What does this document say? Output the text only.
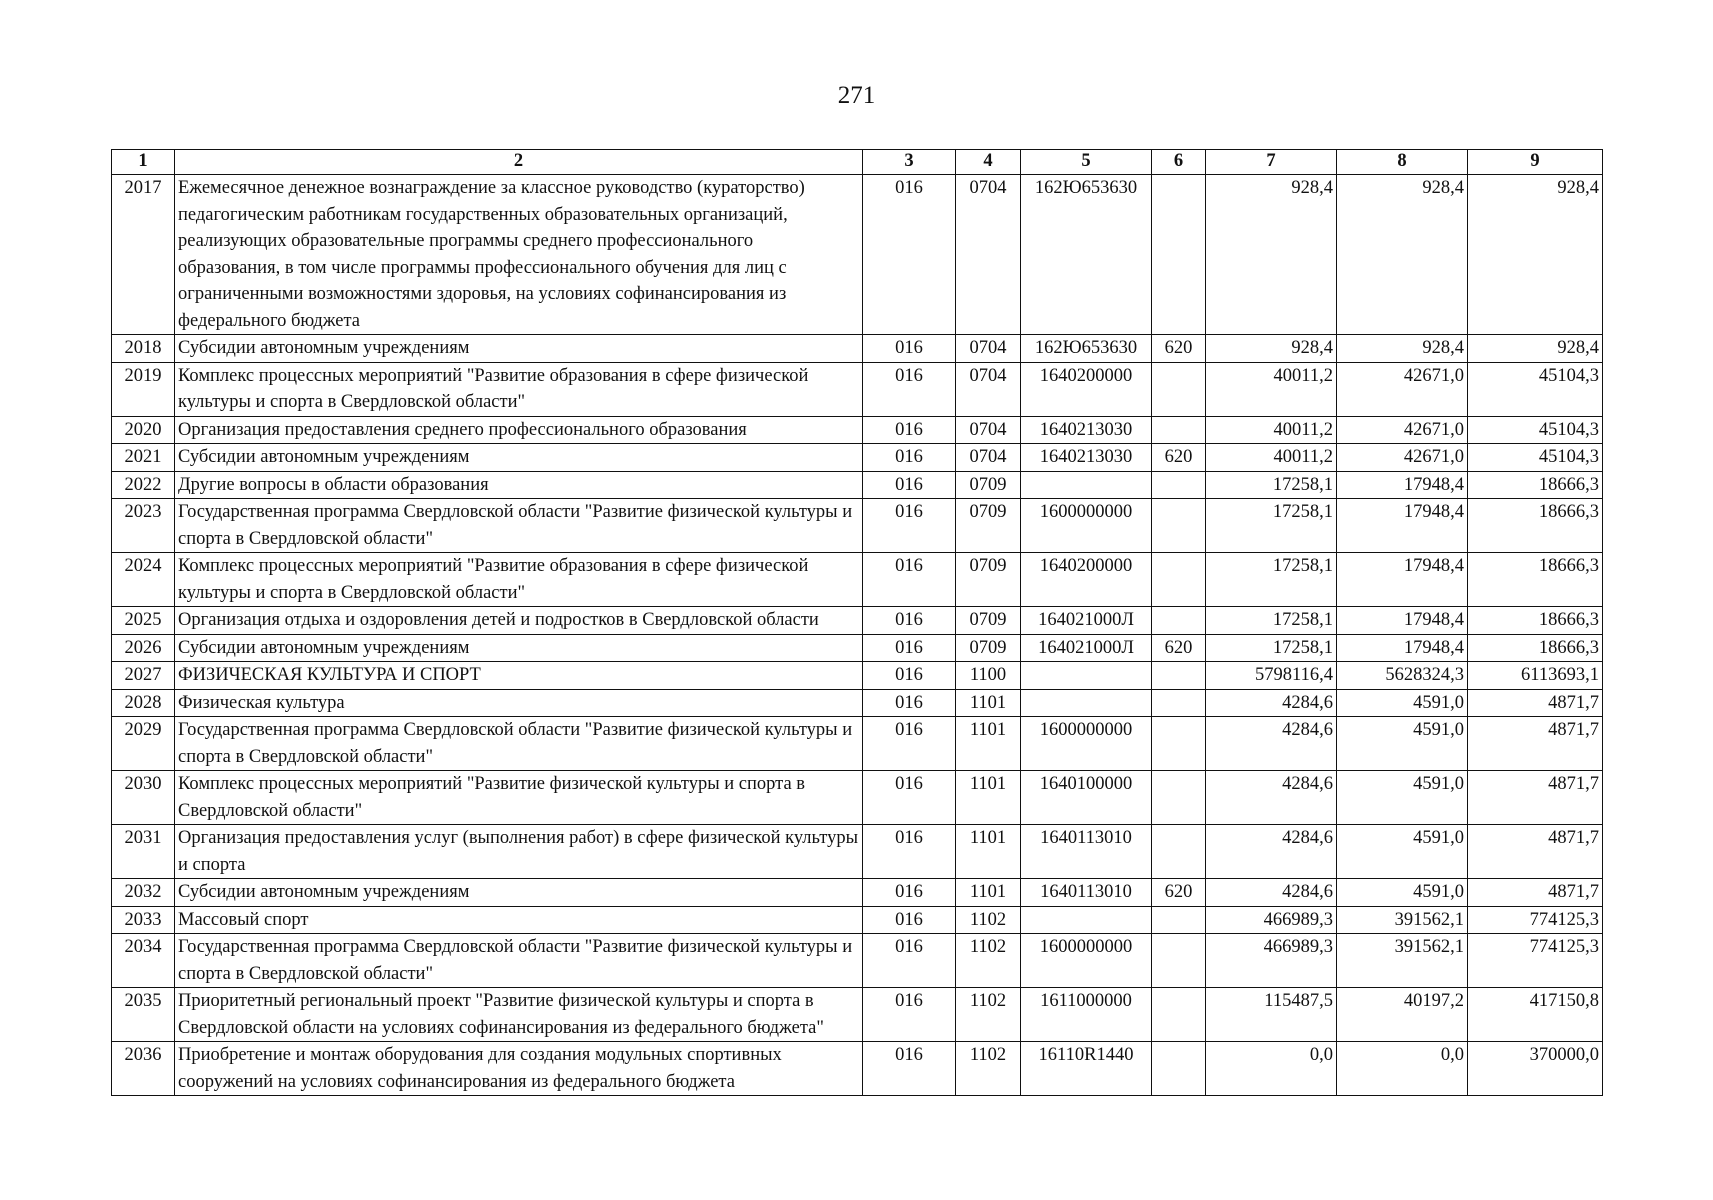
271
1	2	3	4	5	6	7	8	9
2017	Ежемесячное денежное вознаграждение за классное руководство (кураторство) педагогическим работникам государственных образовательных организаций, реализующих образовательные программы среднего профессионального образования, в том числе программы профессионального обучения для лиц с ограниченными возможностями здоровья, на условиях софинансирования из федерального бюджета	016	0704	162Ю653630		928,4	928,4	928,4
2018	Субсидии автономным учреждениям	016	0704	162Ю653630	620	928,4	928,4	928,4
2019	Комплекс процессных мероприятий "Развитие образования в сфере физической культуры и спорта в Свердловской области"	016	0704	1640200000		40011,2	42671,0	45104,3
2020	Организация предоставления среднего профессионального образования	016	0704	1640213030		40011,2	42671,0	45104,3
2021	Субсидии автономным учреждениям	016	0704	1640213030	620	40011,2	42671,0	45104,3
2022	Другие вопросы в области образования	016	0709			17258,1	17948,4	18666,3
2023	Государственная программа Свердловской области "Развитие физической культуры и спорта в Свердловской области"	016	0709	1600000000		17258,1	17948,4	18666,3
2024	Комплекс процессных мероприятий "Развитие образования в сфере физической культуры и спорта в Свердловской области"	016	0709	1640200000		17258,1	17948,4	18666,3
2025	Организация отдыха и оздоровления детей и подростков в Свердловской области	016	0709	164021000Л		17258,1	17948,4	18666,3
2026	Субсидии автономным учреждениям	016	0709	164021000Л	620	17258,1	17948,4	18666,3
2027	ФИЗИЧЕСКАЯ КУЛЬТУРА И СПОРТ	016	1100			5798116,4	5628324,3	6113693,1
2028	Физическая культура	016	1101			4284,6	4591,0	4871,7
2029	Государственная программа Свердловской области "Развитие физической культуры и спорта в Свердловской области"	016	1101	1600000000		4284,6	4591,0	4871,7
2030	Комплекс процессных мероприятий "Развитие физической культуры и спорта в Свердловской области"	016	1101	1640100000		4284,6	4591,0	4871,7
2031	Организация предоставления услуг (выполнения работ) в сфере физической культуры и спорта	016	1101	1640113010		4284,6	4591,0	4871,7
2032	Субсидии автономным учреждениям	016	1101	1640113010	620	4284,6	4591,0	4871,7
2033	Массовый спорт	016	1102			466989,3	391562,1	774125,3
2034	Государственная программа Свердловской области "Развитие физической культуры и спорта в Свердловской области"	016	1102	1600000000		466989,3	391562,1	774125,3
2035	Приоритетный региональный проект "Развитие физической культуры и спорта в Свердловской области на условиях софинансирования из федерального бюджета"	016	1102	1611000000		115487,5	40197,2	417150,8
2036	Приобретение и монтаж оборудования для создания модульных спортивных сооружений на условиях софинансирования из федерального бюджета	016	1102	16110R1440		0,0	0,0	370000,0
